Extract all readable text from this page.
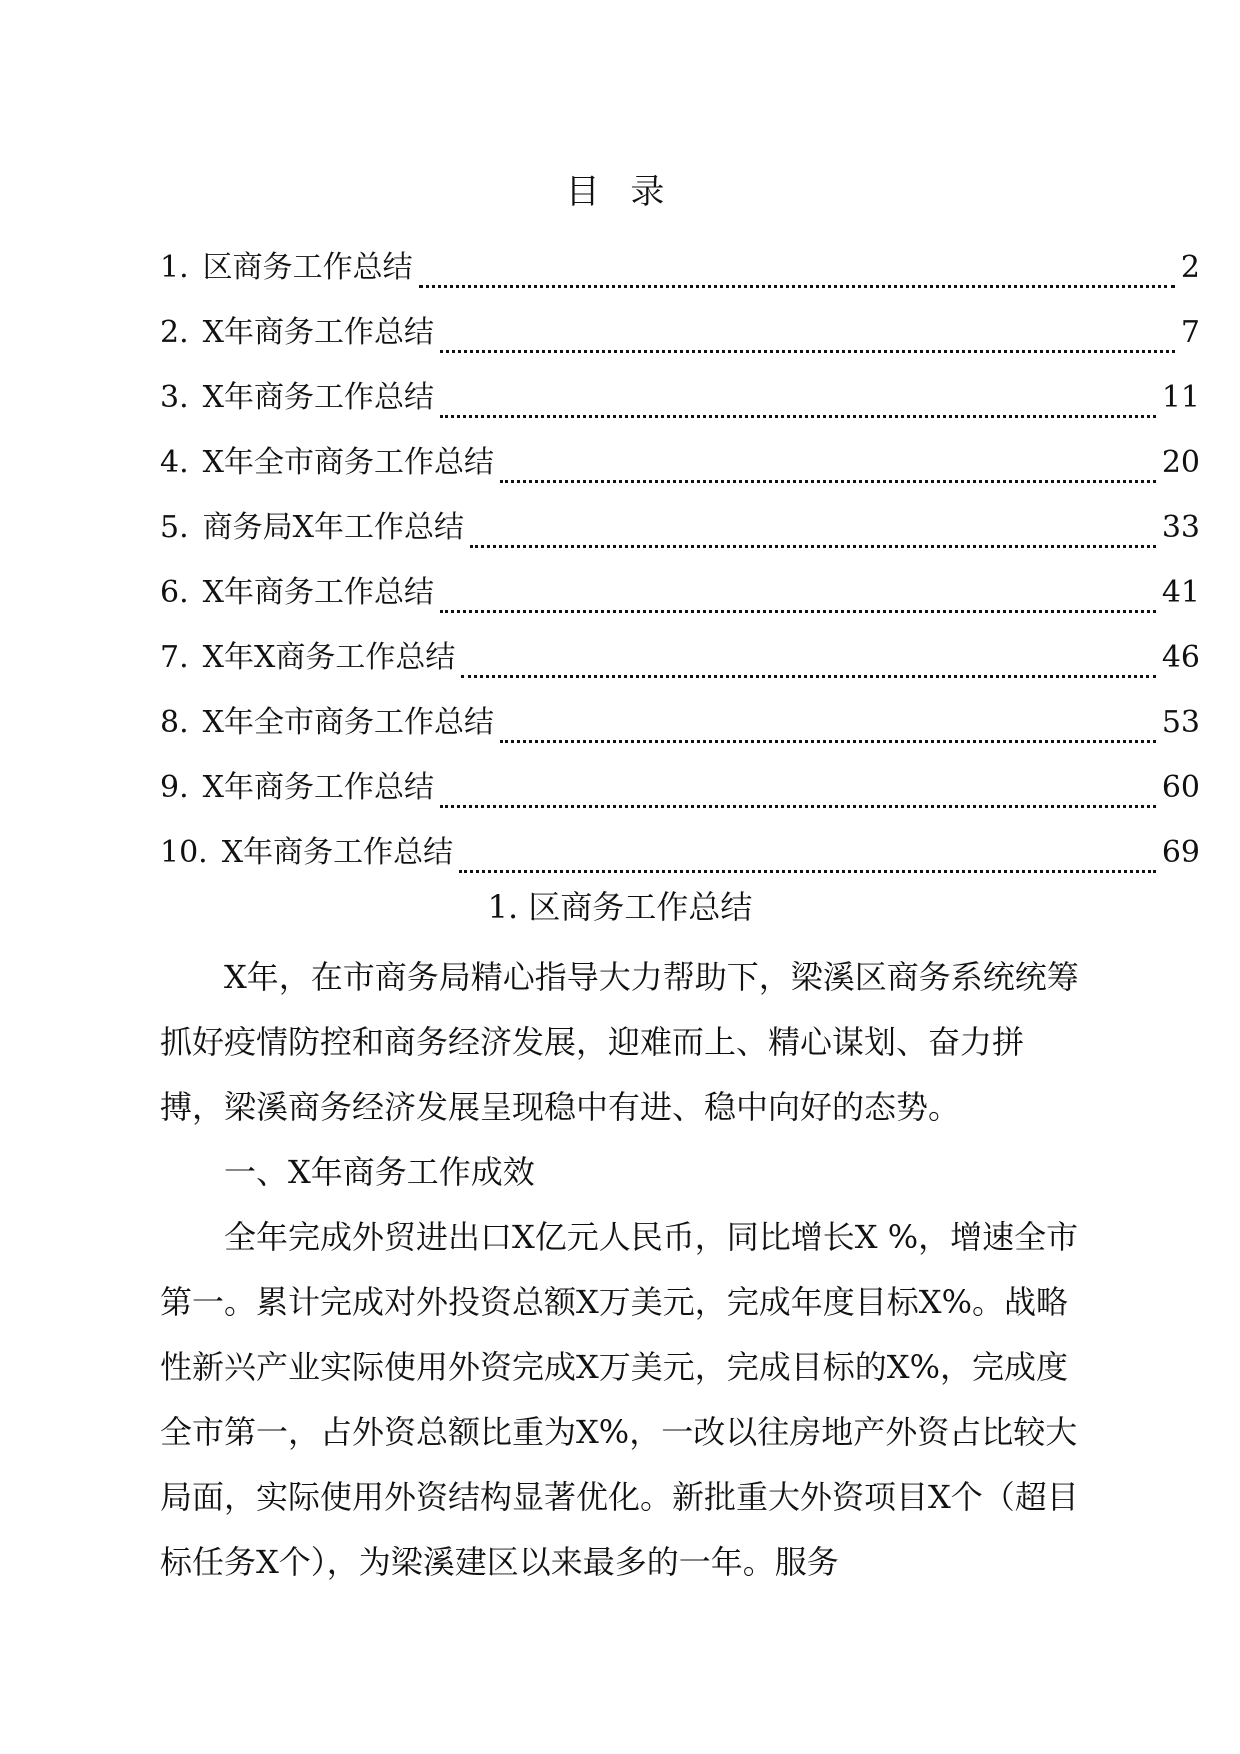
目 录
1. 区商务工作总结	2
2. X年商务工作总结	7
3. X年商务工作总结	11
4. X年全市商务工作总结	20
5. 商务局X年工作总结	33
6. X年商务工作总结	41
7. X年X商务工作总结	46
8. X年全市商务工作总结	53
9. X年商务工作总结	60
10. X年商务工作总结	69
1. 区商务工作总结

X年，在市商务局精心指导大力帮助下，梁溪区商务系统统筹抓好疫情防控和商务经济发展，迎难而上、精心谋划、奋力拼搏，梁溪商务经济发展呈现稳中有进、稳中向好的态势。

一、X年商务工作成效

全年完成外贸进出口X亿元人民币，同比增长X %，增速全市第一。累计完成对外投资总额X万美元，完成年度目标X%。战略性新兴产业实际使用外资完成X万美元，完成目标的X%，完成度全市第一，占外资总额比重为X%，一改以往房地产外资占比较大局面，实际使用外资结构显著优化。新批重大外资项目X个（超目标任务X个），为梁溪建区以来最多的一年。服务
